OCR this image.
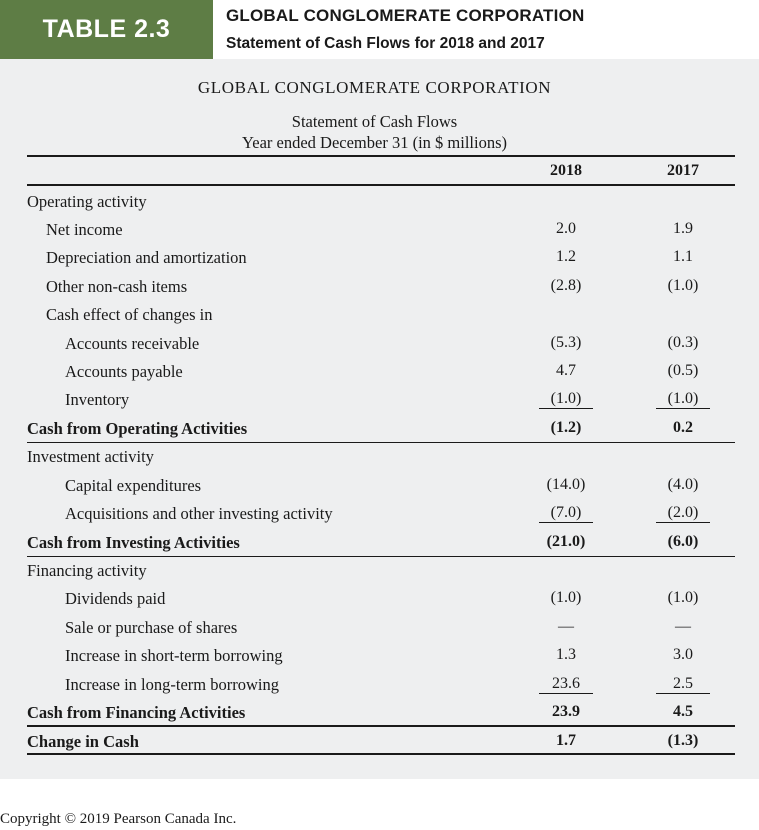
TABLE 2.3	GLOBAL CONGLOMERATE CORPORATION
Statement of Cash Flows for 2018 and 2017
GLOBAL CONGLOMERATE CORPORATION
Statement of Cash Flows
Year ended December 31 (in $ millions)
2018	2017
Operating activity
Net income	2.0	1.9
Depreciation and amortization	1.2	1.1
Other non-cash items	(2.8)	(1.0)
Cash effect of changes in
Accounts receivable	(5.3)	(0.3)
Accounts payable	4.7	(0.5)
Inventory	(1.0)	(1.0)
Cash from Operating Activities	(1.2)	0.2
Investment activity
Capital expenditures	(14.0)	(4.0)
Acquisitions and other investing activity	(7.0)	(2.0)
Cash from Investing Activities	(21.0)	(6.0)
Financing activity
Dividends paid	(1.0)	(1.0)
Sale or purchase of shares	—	—
Increase in short-term borrowing	1.3	3.0
Increase in long-term borrowing	23.6	2.5
Cash from Financing Activities	23.9	4.5
Change in Cash	1.7	(1.3)
Copyright © 2019 Pearson Canada Inc.
